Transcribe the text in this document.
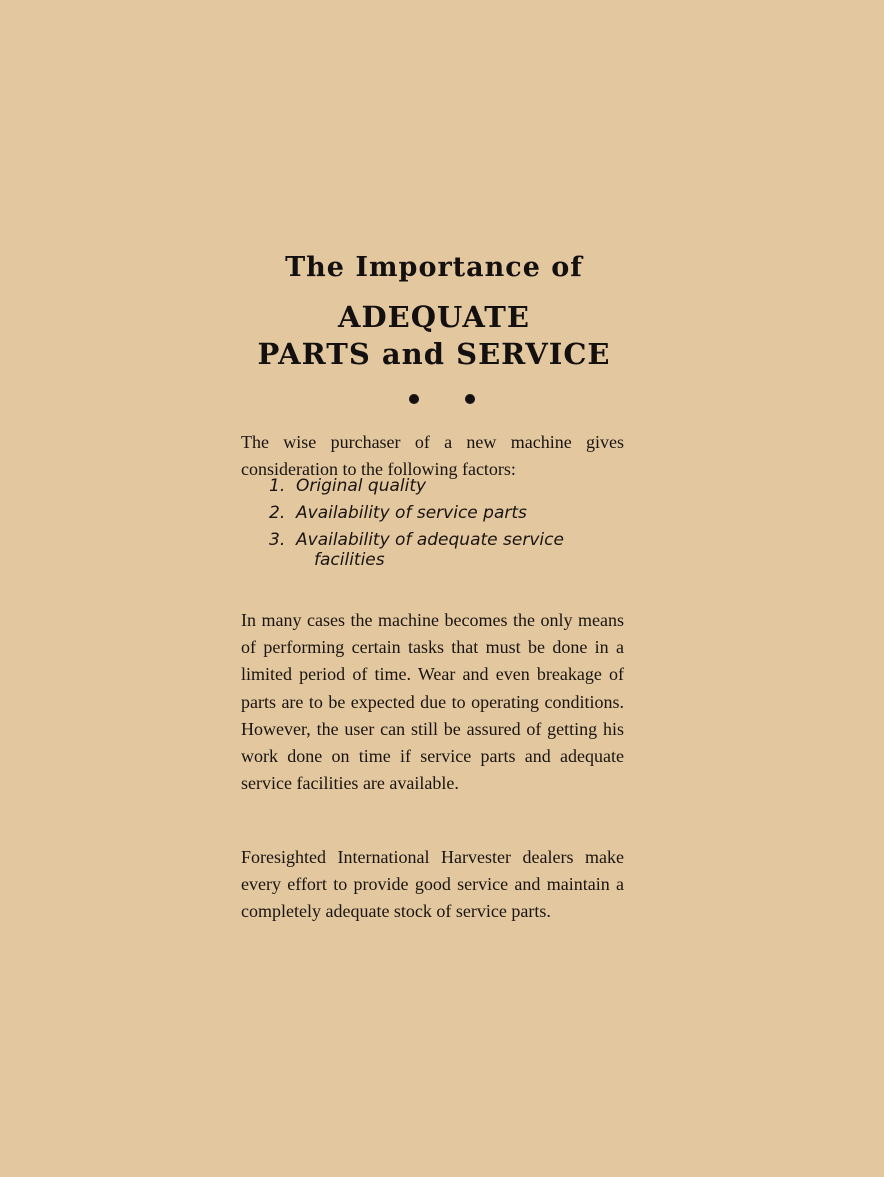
The Importance of
ADEQUATE
PARTS and SERVICE

The wise purchaser of a new machine gives consideration to the following factors:

1. Original quality
2. Availability of service parts
3. Availability of adequate service
facilities

In many cases the machine becomes the only means of performing certain tasks that must be done in a limited period of time. Wear and even breakage of parts are to be expected due to operating conditions. However, the user can still be assured of getting his work done on time if service parts and adequate service facilities are available.

Foresighted International Harvester dealers make every effort to provide good service and maintain a completely adequate stock of service parts.
